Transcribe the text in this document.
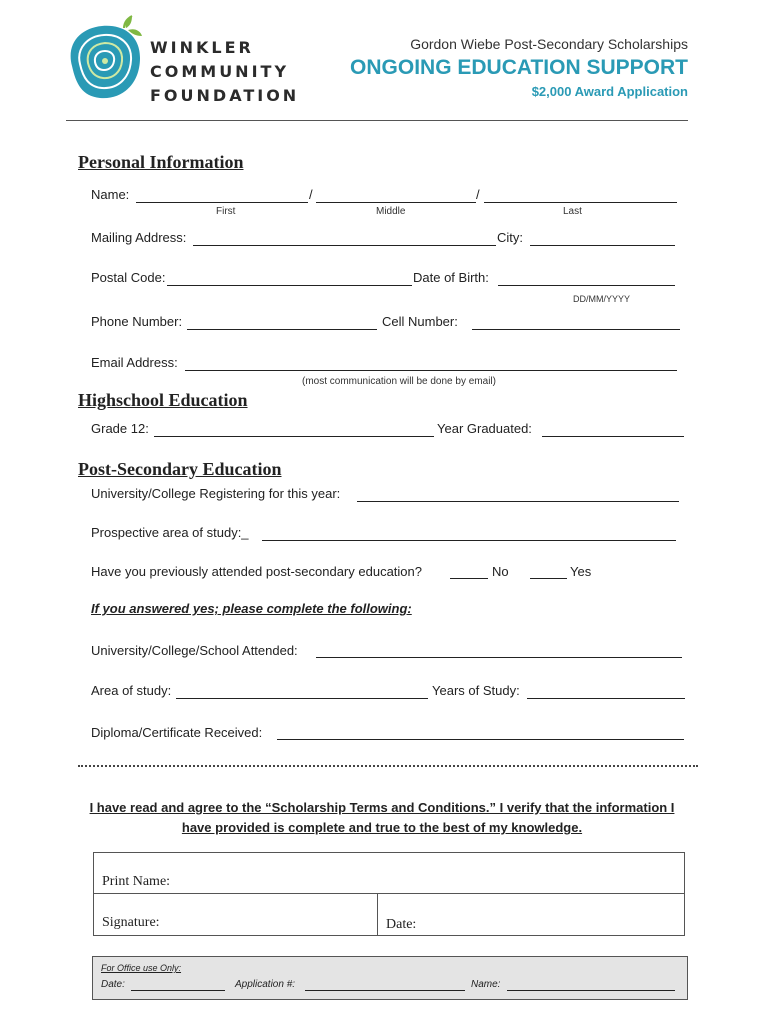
WINKLER
COMMUNITY
FOUNDATION
Gordon Wiebe Post-Secondary Scholarships
ONGOING EDUCATION SUPPORT
$2,000 Award Application
Personal Information
Name:	/	/
First	Middle	Last
Mailing Address:	City:
Postal Code:	Date of Birth:
DD/MM/YYYY
Phone Number:	Cell Number:
Email Address:
(most communication will be done by email)
Highschool Education
Grade 12:	Year Graduated:
Post-Secondary Education
University/College Registering for this year:
Prospective area of study:_
Have you previously attended post-secondary education?	No	Yes
If you answered yes; please complete the following:
University/College/School Attended:
Area of study:	Years of Study:
Diploma/Certificate Received:
I have read and agree to the “Scholarship Terms and Conditions.” I verify that the information I
have provided is complete and true to the best of my knowledge.
Print Name:
Signature:	Date:
For Office use Only:
Date:	Application #:	Name:
